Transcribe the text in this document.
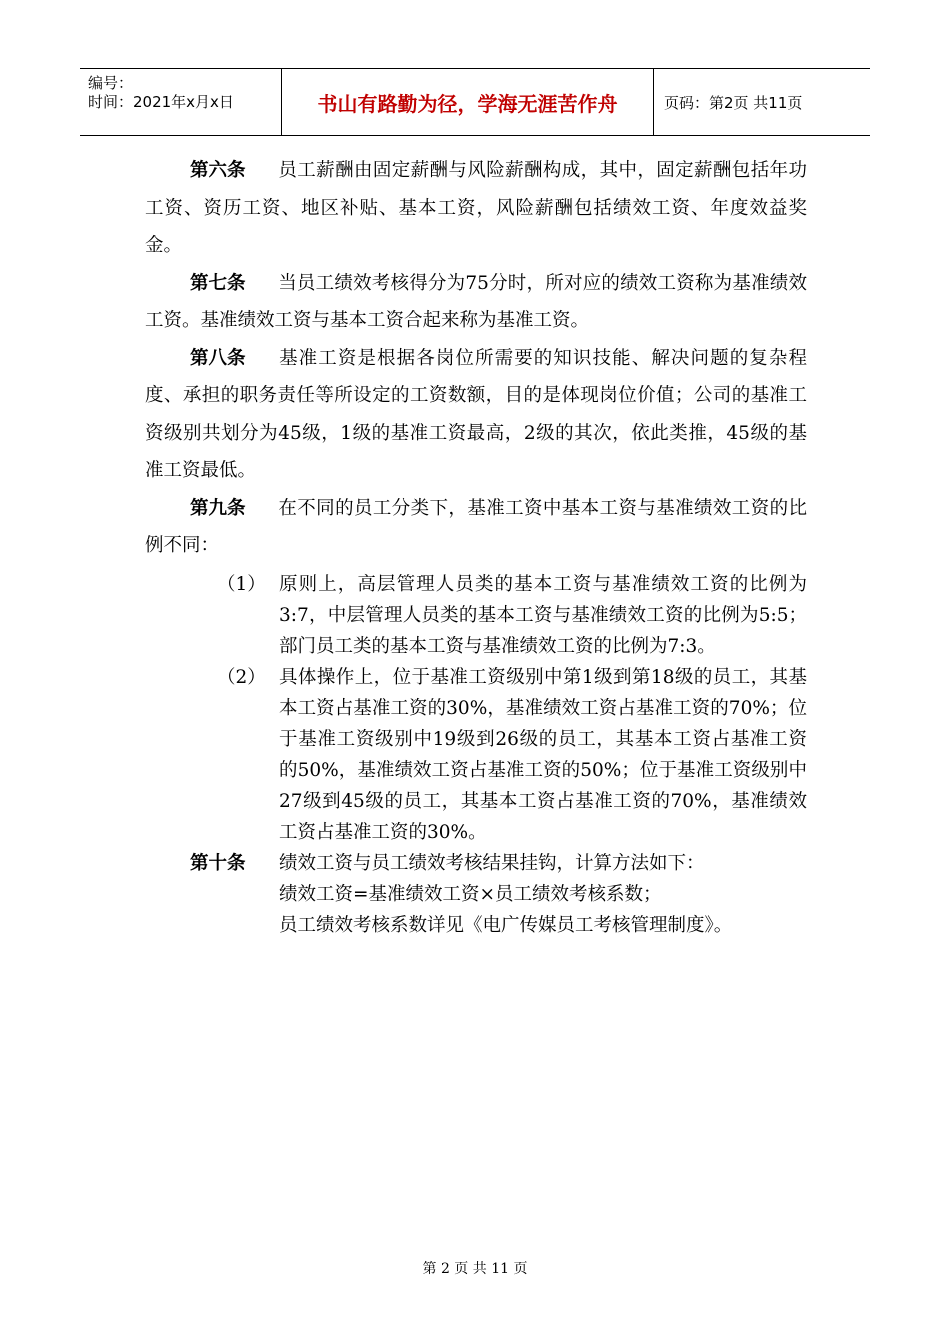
编号：
时间：2021年x月x日	书山有路勤为径，学海无涯苦作舟	页码：第2页 共11页

第六条 员工薪酬由固定薪酬与风险薪酬构成，其中，固定薪酬包括年功工资、资历工资、地区补贴、基本工资，风险薪酬包括绩效工资、年度效益奖金。

第七条 当员工绩效考核得分为75分时，所对应的绩效工资称为基准绩效工资。基准绩效工资与基本工资合起来称为基准工资。

第八条 基准工资是根据各岗位所需要的知识技能、解决问题的复杂程度、承担的职务责任等所设定的工资数额，目的是体现岗位价值；公司的基准工资级别共划分为45级，1级的基准工资最高，2级的其次，依此类推，45级的基准工资最低。

第九条 在不同的员工分类下，基准工资中基本工资与基准绩效工资的比例不同：

（1） 原则上，高层管理人员类的基本工资与基准绩效工资的比例为3:7，中层管理人员类的基本工资与基准绩效工资的比例为5:5；部门员工类的基本工资与基准绩效工资的比例为7:3。

（2） 具体操作上，位于基准工资级别中第1级到第18级的员工，其基本工资占基准工资的30%，基准绩效工资占基准工资的70%；位于基准工资级别中19级到26级的员工，其基本工资占基准工资的50%，基准绩效工资占基准工资的50%；位于基准工资级别中27级到45级的员工，其基本工资占基准工资的70%，基准绩效工资占基准工资的30%。

第十条 绩效工资与员工绩效考核结果挂钩，计算方法如下：

绩效工资=基准绩效工资×员工绩效考核系数；

员工绩效考核系数详见《电广传媒员工考核管理制度》。

第 2 页 共 11 页
